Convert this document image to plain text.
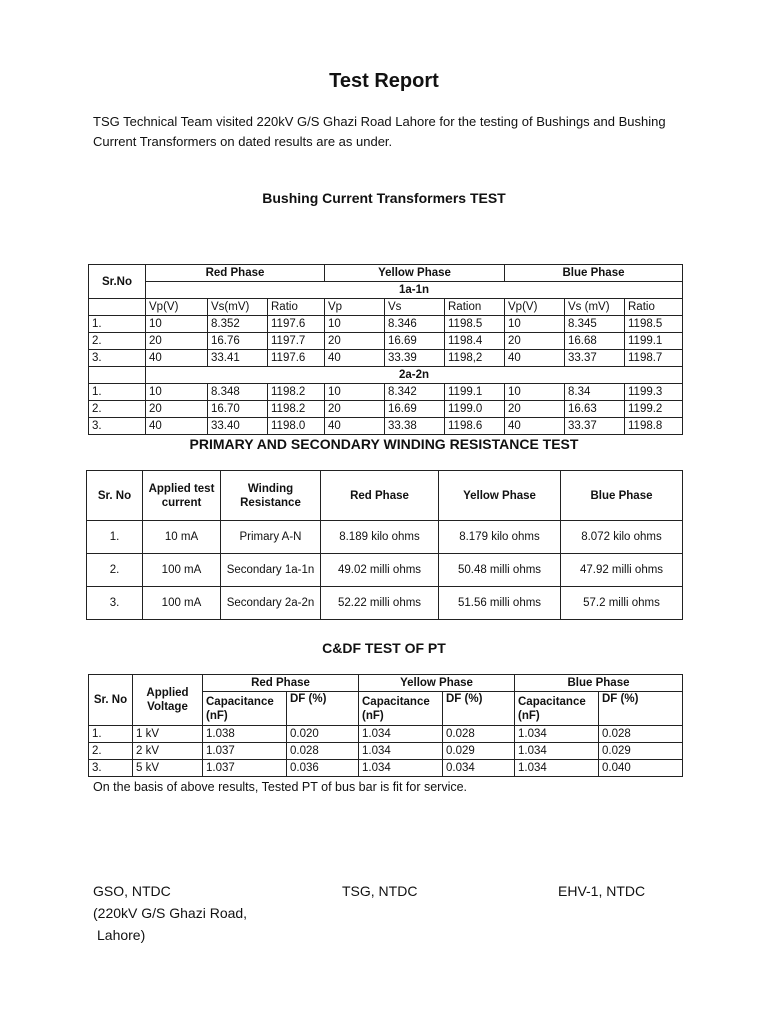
Test Report
TSG Technical Team visited 220kV G/S Ghazi Road Lahore for the testing of Bushings and Bushing Current Transformers on dated results are as under.
Bushing Current Transformers TEST
Sr.No	Red Phase			Yellow Phase			Blue Phase		
	1a-1n								
	Vp(V)	Vs(mV)	Ratio	Vp	Vs	Ration	Vp(V)	Vs (mV)	Ratio
1.	10	8.352	1197.6	10	8.346	1198.5	10	8.345	1198.5
2.	20	16.76	1197.7	20	16.69	1198.4	20	16.68	1199.1
3.	40	33.41	1197.6	40	33.39	1198,2	40	33.37	1198.7
	2a-2n								
1.	10	8.348	1198.2	10	8.342	1199.1	10	8.34	1199.3
2.	20	16.70	1198.2	20	16.69	1199.0	20	16.63	1199.2
3.	40	33.40	1198.0	40	33.38	1198.6	40	33.37	1198.8
PRIMARY AND SECONDARY WINDING RESISTANCE TEST
Sr. No	Applied test current	Winding Resistance	Red Phase	Yellow Phase	Blue Phase
1.	10 mA	Primary A-N	8.189 kilo ohms	8.179 kilo ohms	8.072 kilo ohms
2.	100 mA	Secondary 1a-1n	49.02 milli ohms	50.48 milli ohms	47.92 milli ohms
3.	100 mA	Secondary 2a-2n	52.22 milli ohms	51.56 milli ohms	57.2 milli ohms
C&DF TEST OF PT
Sr. No	Applied Voltage	Red Phase		Yellow Phase		Blue Phase	
		Capacitance (nF)	DF (%)	Capacitance (nF)	DF (%)	Capacitance (nF)	DF (%)
1.	1 kV	1.038	0.020	1.034	0.028	1.034	0.028
2.	2 kV	1.037	0.028	1.034	0.029	1.034	0.029
3.	5 kV	1.037	0.036	1.034	0.034	1.034	0.040
On the basis of above results, Tested PT of bus bar is fit for service.
GSO, NTDC
(220kV G/S Ghazi Road,
Lahore)
TSG, NTDC	EHV-1, NTDC
